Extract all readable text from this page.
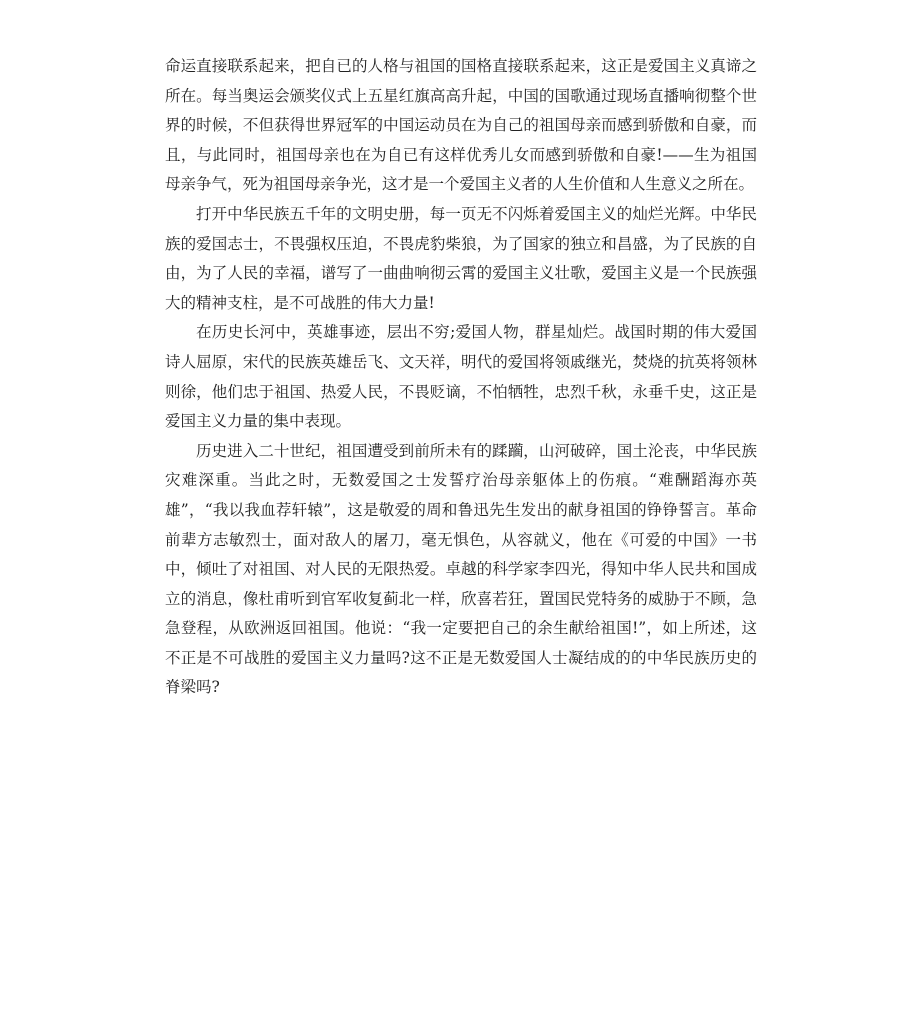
命运直接联系起来，把自已的人格与祖国的国格直接联系起来，这正是爱国主义真谛之所在。每当奥运会颁奖仪式上五星红旗高高升起，中国的国歌通过现场直播响彻整个世界的时候，不但获得世界冠军的中国运动员在为自己的祖国母亲而感到骄傲和自豪，而且，与此同时，祖国母亲也在为自已有这样优秀儿女而感到骄傲和自豪!——生为祖国母亲争气，死为祖国母亲争光，这才是一个爱国主义者的人生价值和人生意义之所在。

打开中华民族五千年的文明史册，每一页无不闪烁着爱国主义的灿烂光辉。中华民族的爱国志士，不畏强权压迫，不畏虎豹柴狼，为了国家的独立和昌盛，为了民族的自由，为了人民的幸福，谱写了一曲曲响彻云霄的爱国主义壮歌，爱国主义是一个民族强大的精神支柱，是不可战胜的伟大力量!

在历史长河中，英雄事迹，层出不穷;爱国人物，群星灿烂。战国时期的伟大爱国诗人屈原，宋代的民族英雄岳飞、文天祥，明代的爱国将领戚继光，焚烧的抗英将领林则徐，他们忠于祖国、热爱人民，不畏贬谪，不怕牺牲，忠烈千秋，永垂千史，这正是爱国主义力量的集中表现。

历史进入二十世纪，祖国遭受到前所未有的蹂躏，山河破碎，国土沦丧，中华民族灾难深重。当此之时，无数爱国之士发誓疗治母亲躯体上的伤痕。“难酬蹈海亦英雄”，“我以我血荐轩辕”，这是敬爱的周和鲁迅先生发出的献身祖国的铮铮誓言。革命前辈方志敏烈士，面对敌人的屠刀，毫无惧色，从容就义，他在《可爱的中国》一书中，倾吐了对祖国、对人民的无限热爱。卓越的科学家李四光，得知中华人民共和国成立的消息，像杜甫听到官军收复蓟北一样，欣喜若狂，置国民党特务的威胁于不顾，急急登程，从欧洲返回祖国。他说：“我一定要把自己的余生献给祖国!”，如上所述，这不正是不可战胜的爱国主义力量吗?这不正是无数爱国人士凝结成的的中华民族历史的脊梁吗?
